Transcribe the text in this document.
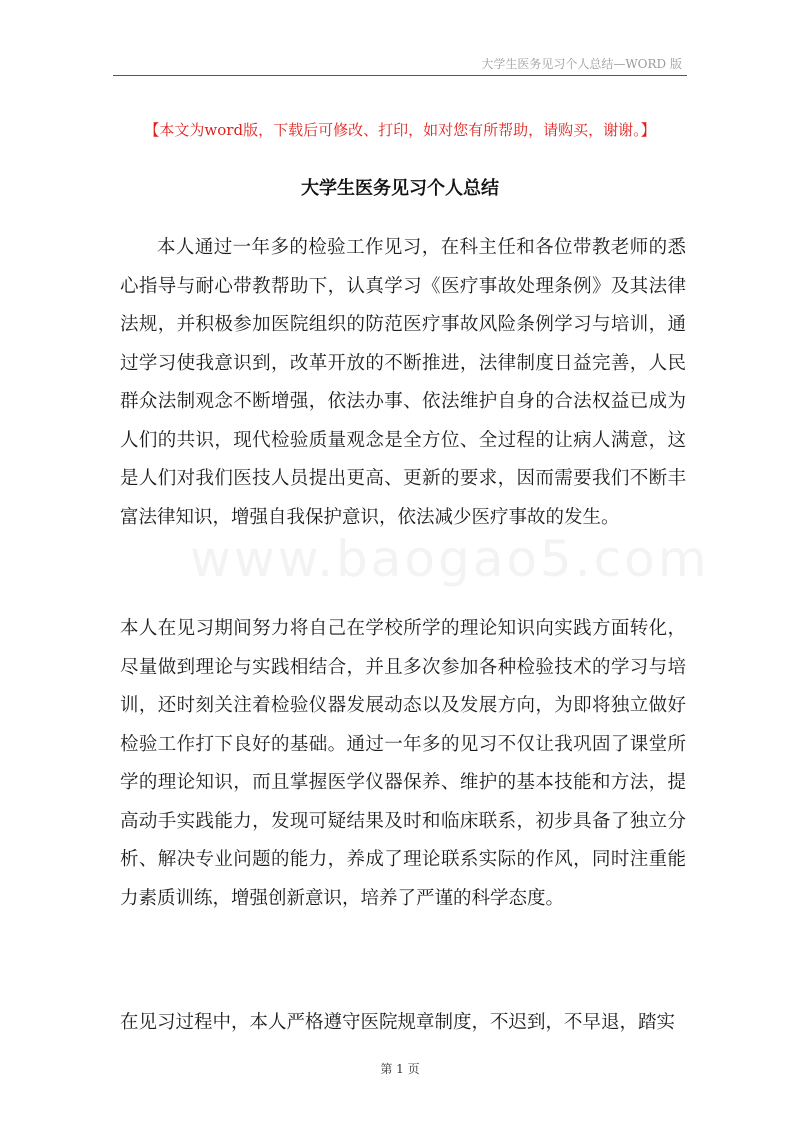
大学生医务见习个人总结—WORD 版
【本文为word版，下载后可修改、打印，如对您有所帮助，请购买，谢谢。】
大学生医务见习个人总结
www.baogao5.com

本人通过一年多的检验工作见习，在科主任和各位带教老师的悉心指导与耐心带教帮助下，认真学习《医疗事故处理条例》及其法律法规，并积极参加医院组织的防范医疗事故风险条例学习与培训，通过学习使我意识到，改革开放的不断推进，法律制度日益完善，人民群众法制观念不断增强，依法办事、依法维护自身的合法权益已成为人们的共识，现代检验质量观念是全方位、全过程的让病人满意，这是人们对我们医技人员提出更高、更新的要求，因而需要我们不断丰富法律知识，增强自我保护意识，依法减少医疗事故的发生。

本人在见习期间努力将自己在学校所学的理论知识向实践方面转化，尽量做到理论与实践相结合，并且多次参加各种检验技术的学习与培训，还时刻关注着检验仪器发展动态以及发展方向，为即将独立做好检验工作打下良好的基础。通过一年多的见习不仅让我巩固了课堂所学的理论知识，而且掌握医学仪器保养、维护的基本技能和方法，提高动手实践能力，发现可疑结果及时和临床联系，初步具备了独立分析、解决专业问题的能力，养成了理论联系实际的作风，同时注重能力素质训练，增强创新意识，培养了严谨的科学态度。

在见习过程中，本人严格遵守医院规章制度，不迟到，不早退，踏实

第 1 页
